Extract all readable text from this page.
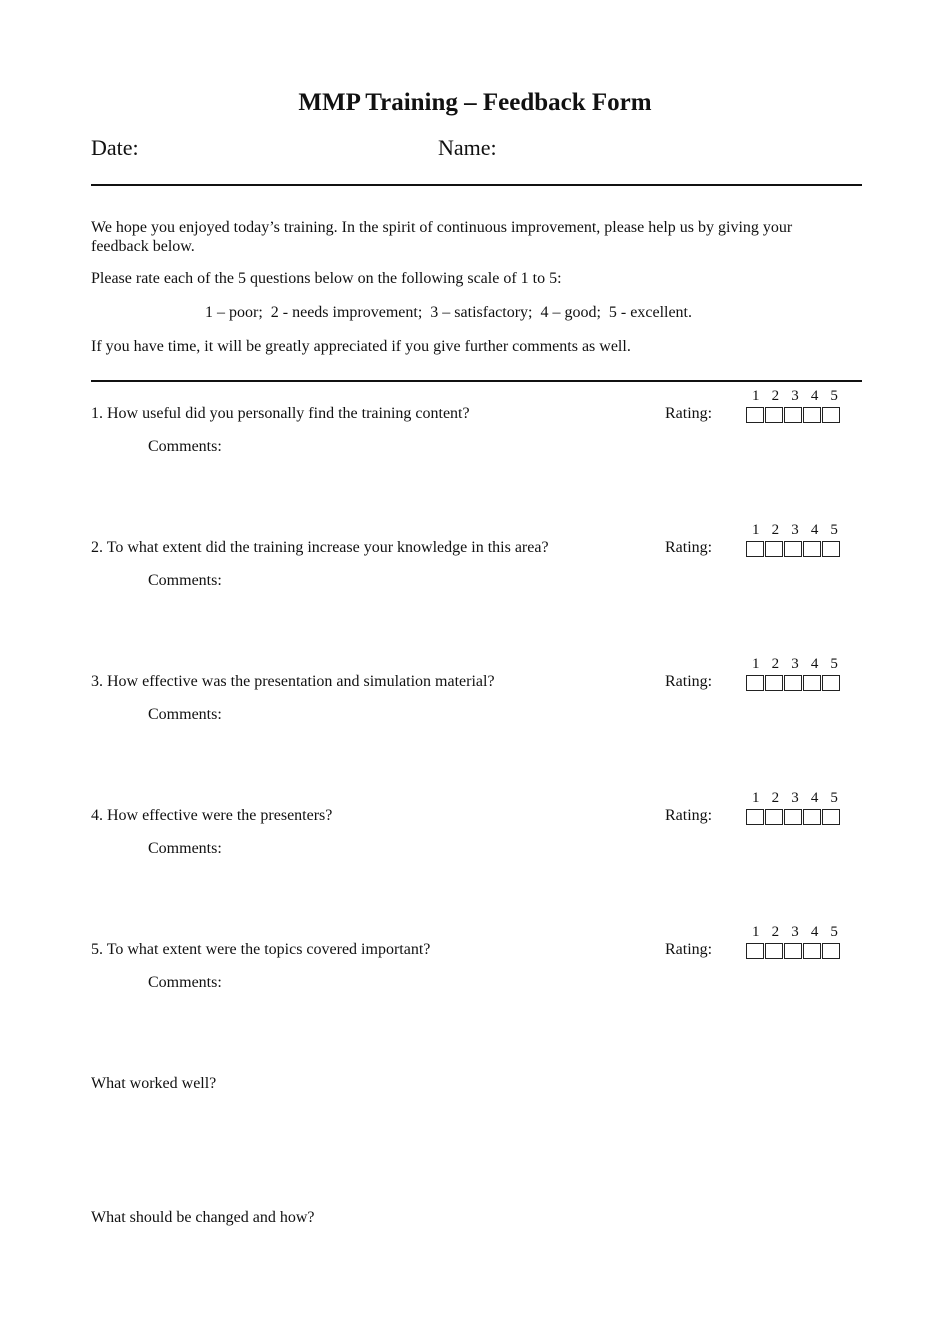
MMP Training – Feedback Form
Date:	Name:
We hope you enjoyed today’s training. In the spirit of continuous improvement, please help us by giving your feedback below.
Please rate each of the 5 questions below on the following scale of 1 to 5:
1 – poor;  2 - needs improvement;  3 – satisfactory;  4 – good;  5 - excellent.
If you have time, it will be greatly appreciated if you give further comments as well.
1. How useful did you personally find the training content?	Rating:
1 2 3 4 5
Comments:
2. To what extent did the training increase your knowledge in this area?	Rating:
1 2 3 4 5
Comments:
3. How effective was the presentation and simulation material?	Rating:
1 2 3 4 5
Comments:
4. How effective were the presenters?	Rating:
1 2 3 4 5
Comments:
5. To what extent were the topics covered important?	Rating:
1 2 3 4 5
Comments:
What worked well?
What should be changed and how?
